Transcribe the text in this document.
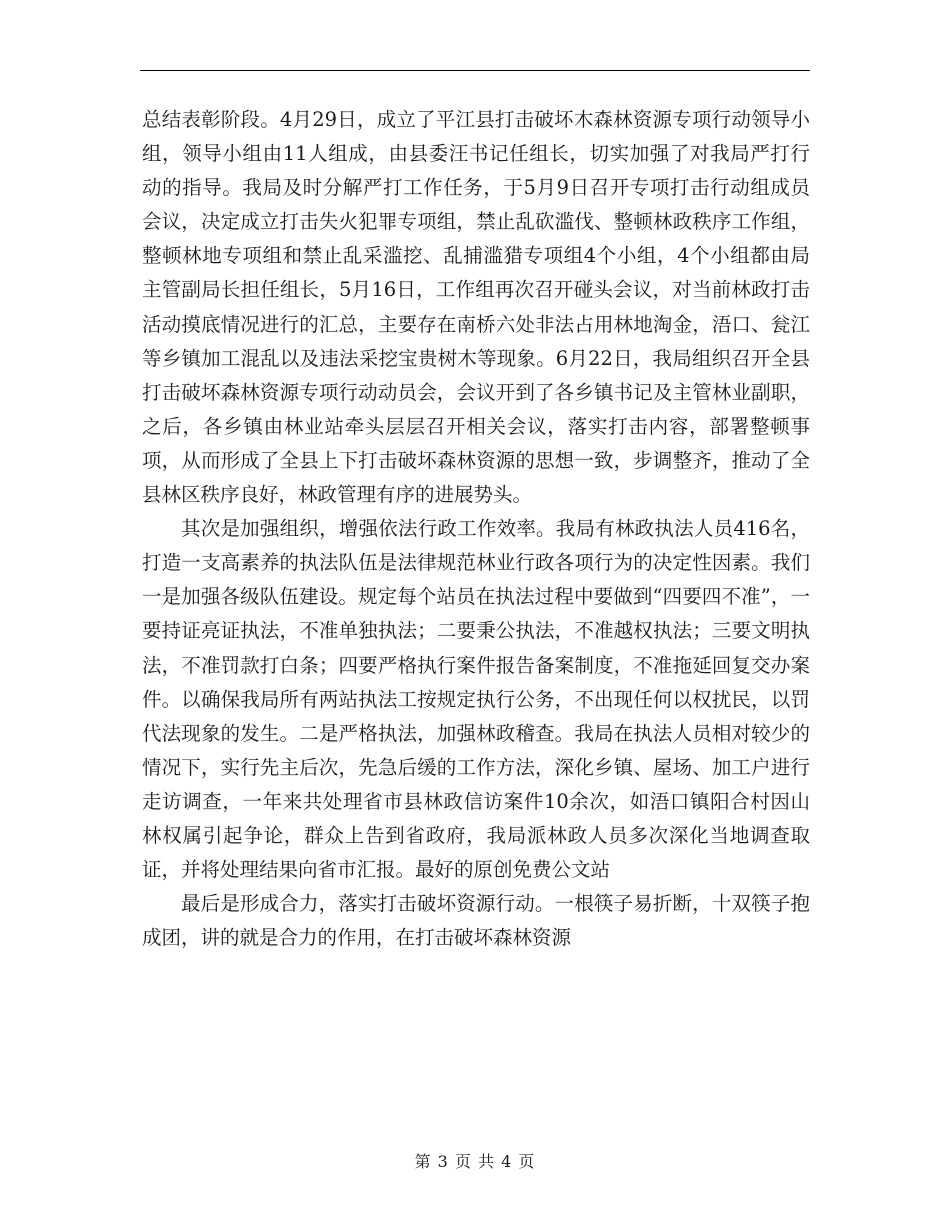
总结表彰阶段。4月29日，成立了平江县打击破坏木森林资源专项行动领导小组，领导小组由11人组成，由县委汪书记任组长，切实加强了对我局严打行动的指导。我局及时分解严打工作任务，于5月9日召开专项打击行动组成员会议，决定成立打击失火犯罪专项组，禁止乱砍滥伐、整顿林政秩序工作组，整顿林地专项组和禁止乱采滥挖、乱捕滥猎专项组4个小组，4个小组都由局主管副局长担任组长，5月16日，工作组再次召开碰头会议，对当前林政打击活动摸底情况进行的汇总，主要存在南桥六处非法占用林地淘金，浯口、瓮江等乡镇加工混乱以及违法采挖宝贵树木等现象。6月22日，我局组织召开全县打击破坏森林资源专项行动动员会，会议开到了各乡镇书记及主管林业副职，之后，各乡镇由林业站牵头层层召开相关会议，落实打击内容，部署整顿事项，从而形成了全县上下打击破坏森林资源的思想一致，步调整齐，推动了全县林区秩序良好，林政管理有序的进展势头。

其次是加强组织，增强依法行政工作效率。我局有林政执法人员416名，打造一支高素养的执法队伍是法律规范林业行政各项行为的决定性因素。我们一是加强各级队伍建设。规定每个站员在执法过程中要做到“四要四不准”，一要持证亮证执法，不准单独执法；二要秉公执法，不准越权执法；三要文明执法，不准罚款打白条；四要严格执行案件报告备案制度，不准拖延回复交办案件。以确保我局所有两站执法工按规定执行公务，不出现任何以权扰民，以罚代法现象的发生。二是严格执法，加强林政稽查。我局在执法人员相对较少的情况下，实行先主后次，先急后缓的工作方法，深化乡镇、屋场、加工户进行走访调查，一年来共处理省市县林政信访案件10余次，如浯口镇阳合村因山林权属引起争论，群众上告到省政府，我局派林政人员多次深化当地调查取证，并将处理结果向省市汇报。最好的原创免费公文站

最后是形成合力，落实打击破坏资源行动。一根筷子易折断，十双筷子抱成团，讲的就是合力的作用，在打击破坏森林资源

第 3 页 共 4 页
